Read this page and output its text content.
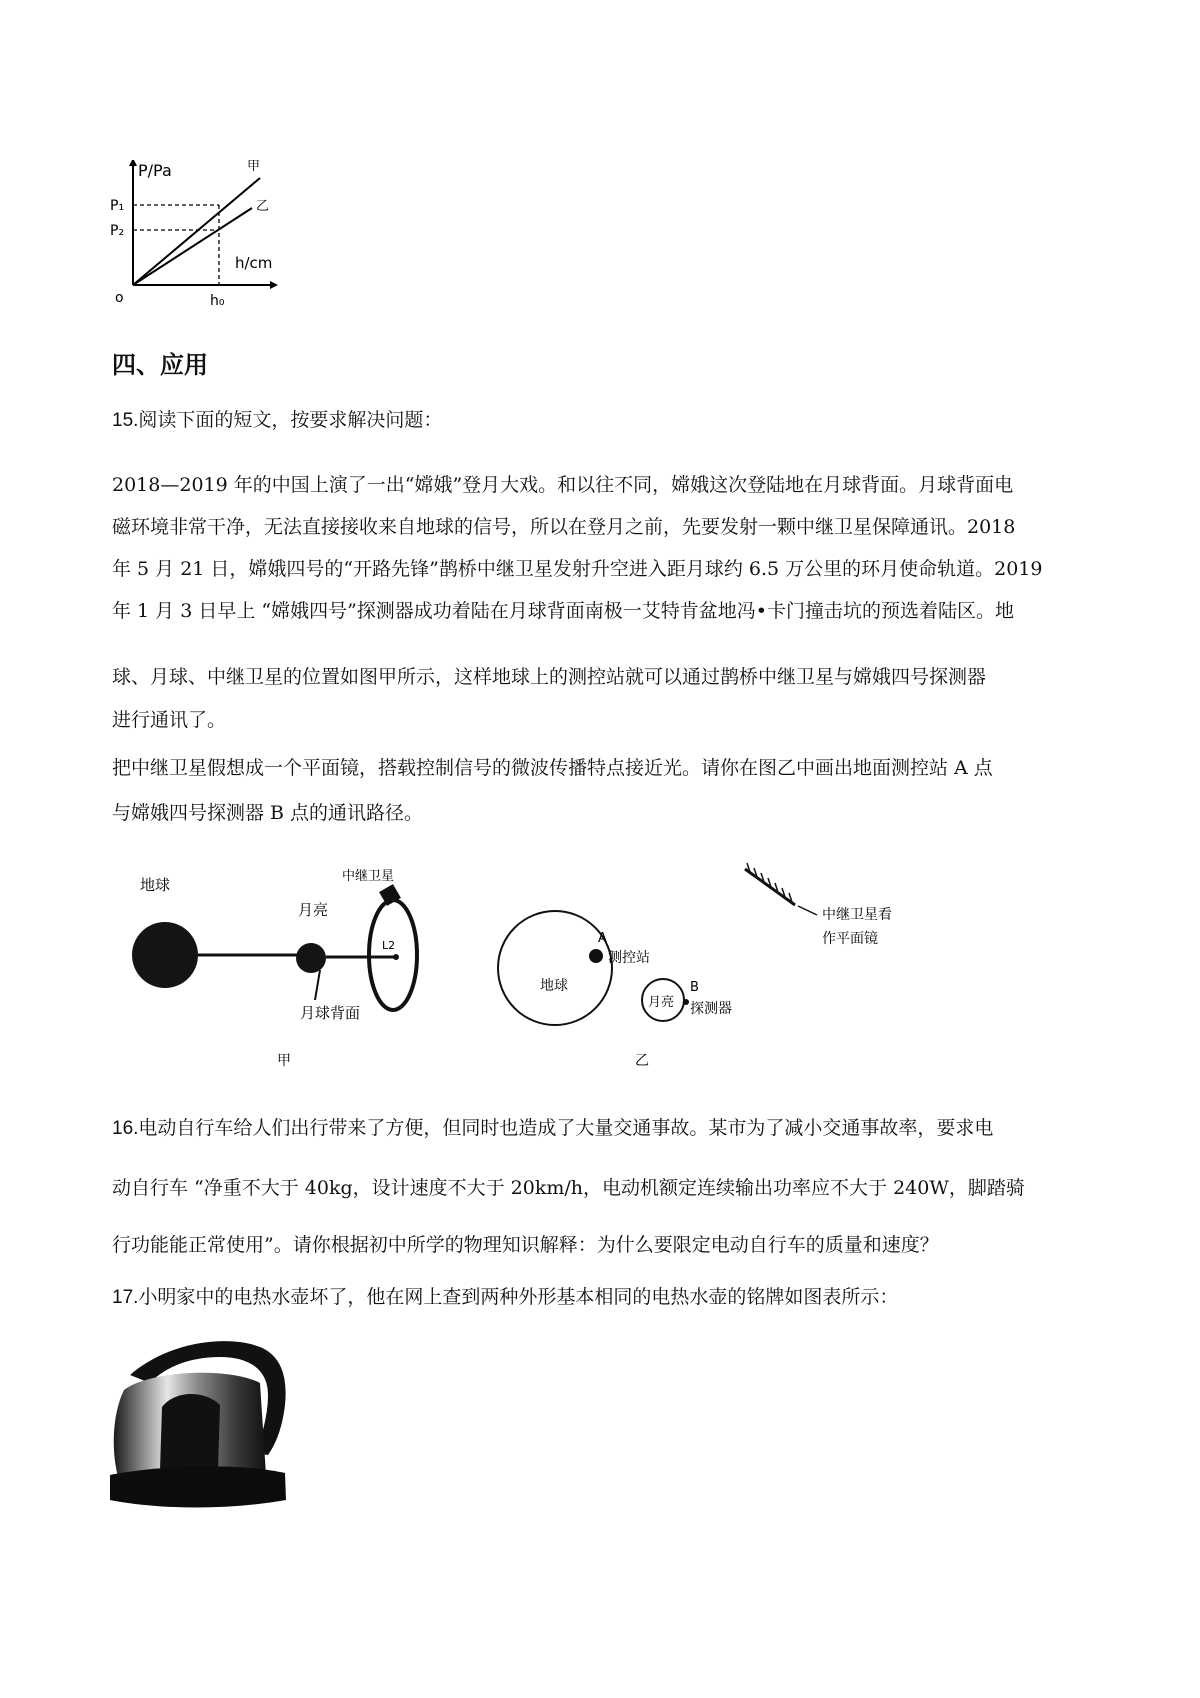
P/Pa
h/cm
o
P₁
P₂
h₀
甲
乙
四、应用
15.阅读下面的短文，按要求解决问题：
2018—2019 年的中国上演了一出“嫦娥”登月大戏。和以往不同，嫦娥这次登陆地在月球背面。月球背面电
磁环境非常干净，无法直接接收来自地球的信号，所以在登月之前，先要发射一颗中继卫星保障通讯。2018
年 5 月 21 日，嫦娥四号的“开路先锋”鹊桥中继卫星发射升空进入距月球约 6.5 万公里的环月使命轨道。2019
年 1 月 3 日早上 “嫦娥四号”探测器成功着陆在月球背面南极一艾特肯盆地冯•卡门撞击坑的预选着陆区。地
球、月球、中继卫星的位置如图甲所示，这样地球上的测控站就可以通过鹊桥中继卫星与嫦娥四号探测器
进行通讯了。
把中继卫星假想成一个平面镜，搭载控制信号的微波传播特点接近光。请你在图乙中画出地面测控站 A 点
与嫦娥四号探测器 B 点的通讯路径。
地球
月亮
L2
中继卫星
月球背面
甲
地球
A
测控站
月亮
B
探测器
中继卫星看
作平面镜
乙
16.电动自行车给人们出行带来了方便，但同时也造成了大量交通事故。某市为了减小交通事故率，要求电
动自行车 “净重不大于 40kg，设计速度不大于 20km/h，电动机额定连续输出功率应不大于 240W，脚踏骑
行功能能正常使用”。请你根据初中所学的物理知识解释：为什么要限定电动自行车的质量和速度？
17.小明家中的电热水壶坏了，他在网上查到两种外形基本相同的电热水壶的铭牌如图表所示：
